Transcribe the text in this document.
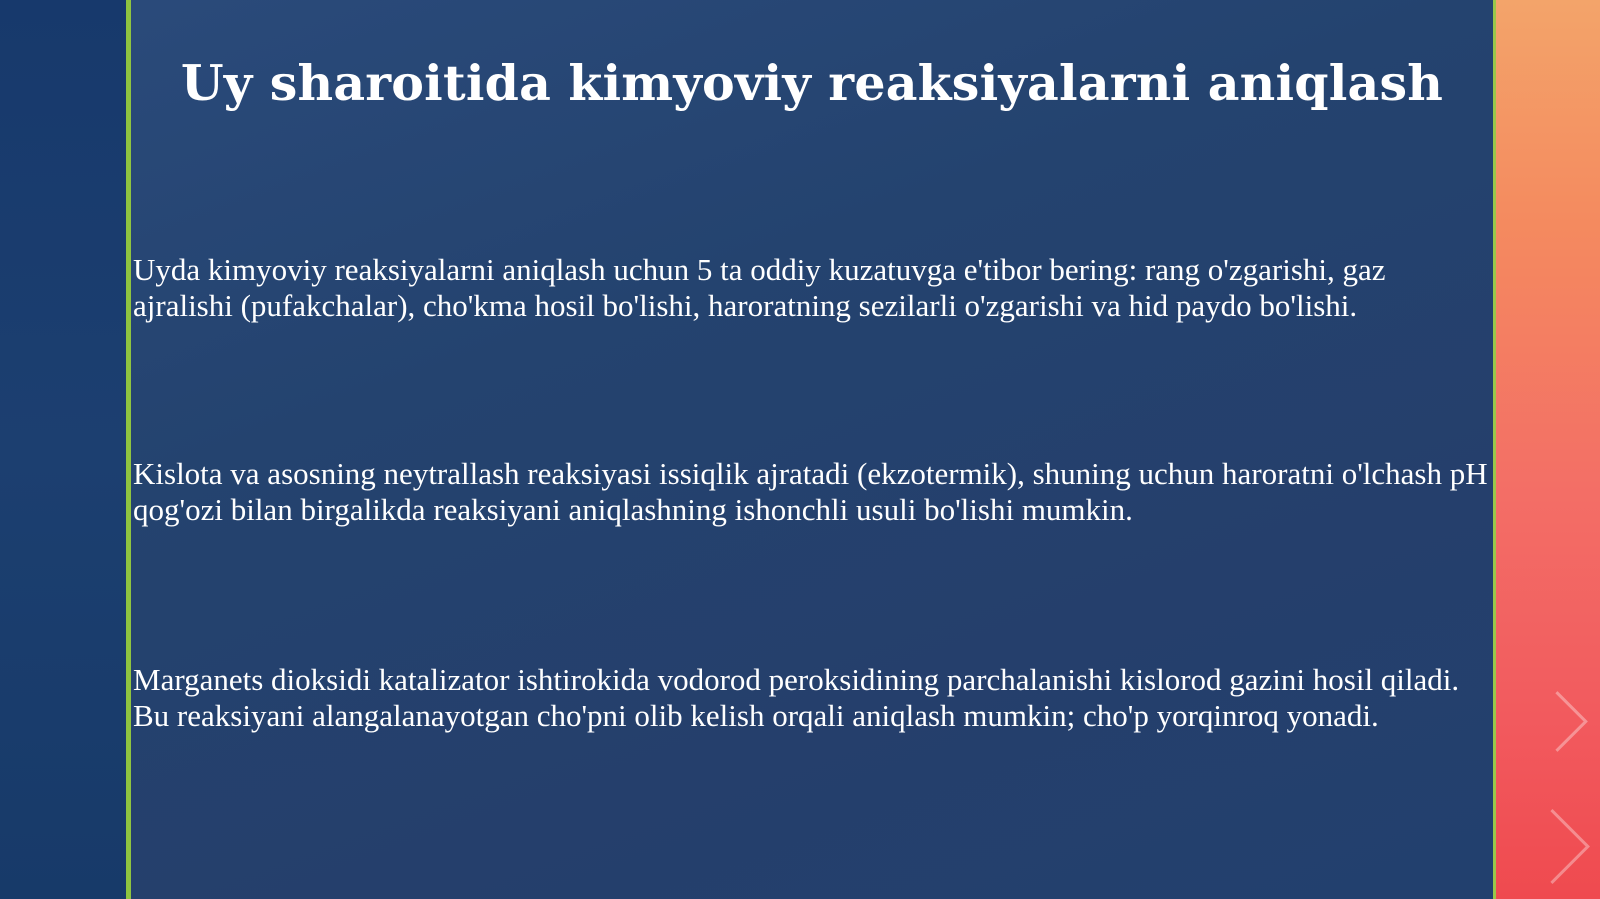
Uy sharoitida kimyoviy reaksiyalarni aniqlash

Uyda kimyoviy reaksiyalarni aniqlash uchun 5 ta oddiy kuzatuvga e'tibor bering: rang o'zgarishi, gaz ajralishi (pufakchalar), cho'kma hosil bo'lishi, haroratning sezilarli o'zgarishi va hid paydo bo'lishi.

Kislota va asosning neytrallash reaksiyasi issiqlik ajratadi (ekzotermik), shuning uchun haroratni o'lchash pH qog'ozi bilan birgalikda reaksiyani aniqlashning ishonchli usuli bo'lishi mumkin.

Marganets dioksidi katalizator ishtirokida vodorod peroksidining parchalanishi kislorod gazini hosil qiladi. Bu reaksiyani alangalanayotgan cho'pni olib kelish orqali aniqlash mumkin; cho'p yorqinroq yonadi.
